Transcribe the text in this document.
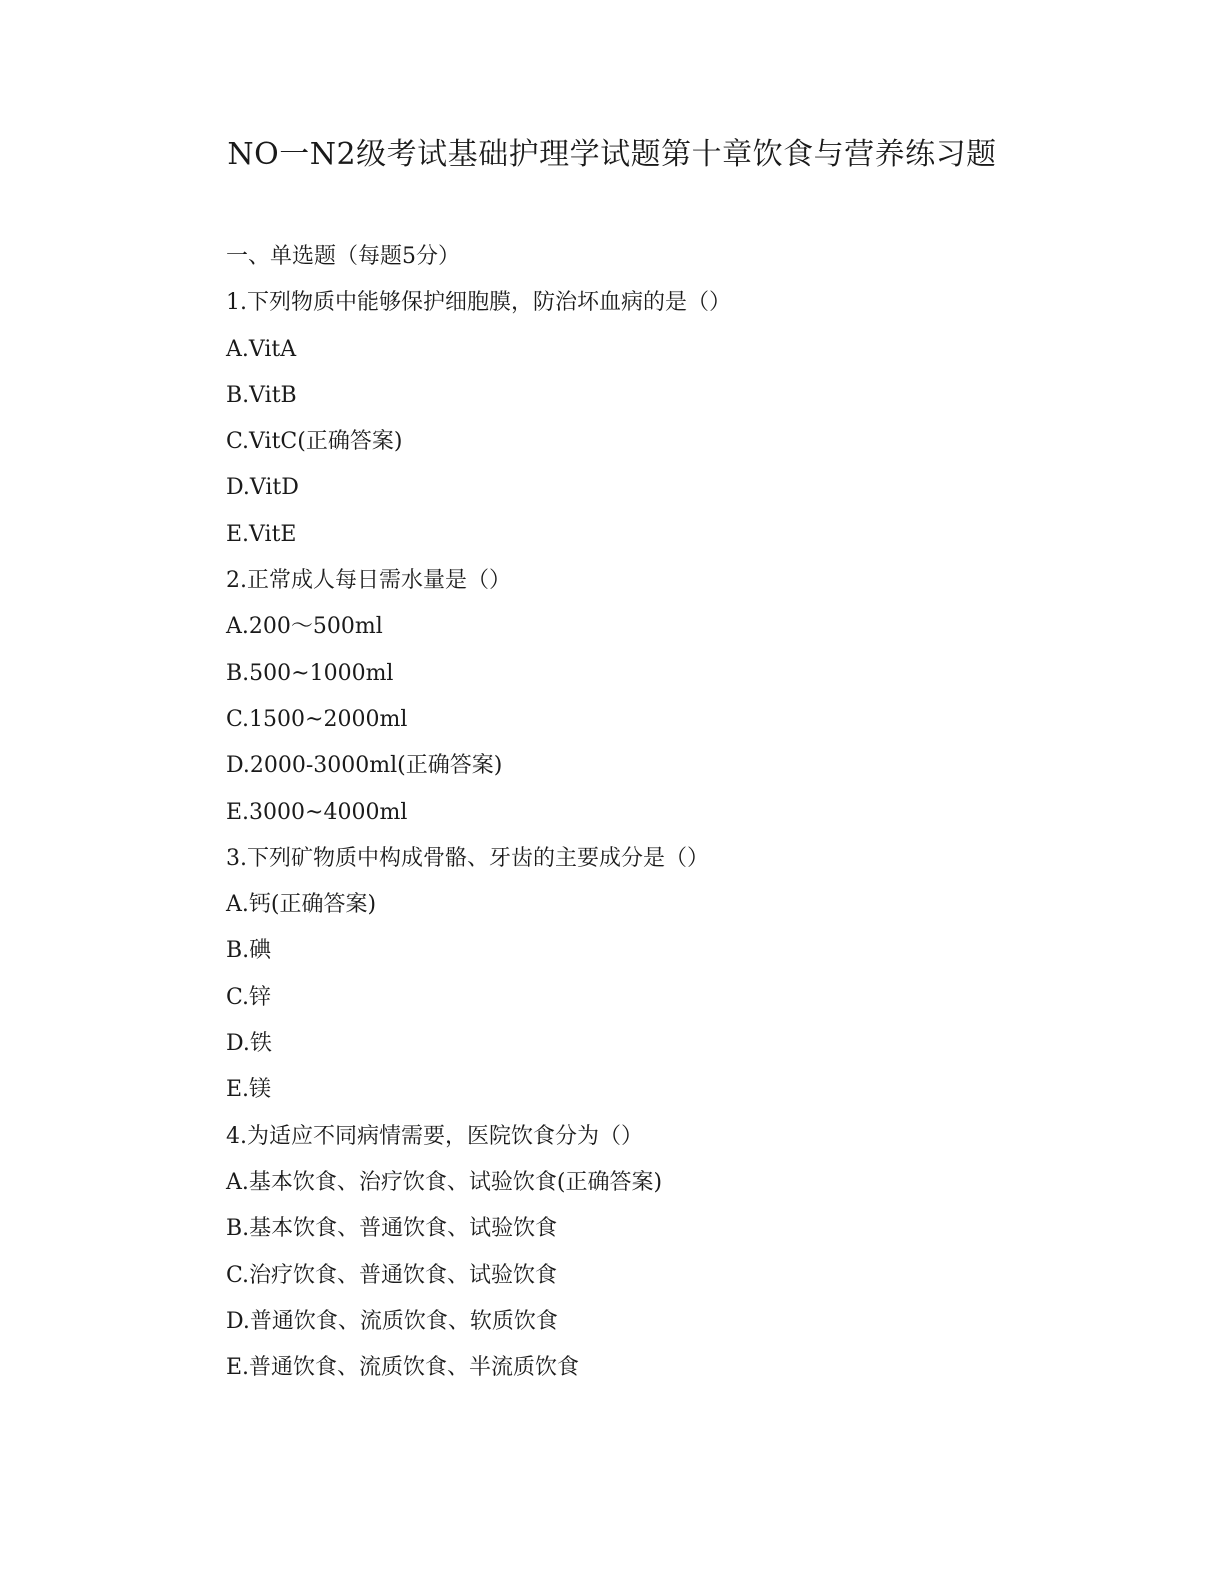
NO一N2级考试基础护理学试题第十章饮食与营养练习题

一、单选题（每题5分）

1.下列物质中能够保护细胞膜，防治坏血病的是（）

A.VitA

B.VitB

C.VitC(正确答案)

D.VitD

E.VitE

2.正常成人每日需水量是（）

A.200～500ml

B.500~1000ml

C.1500~2000ml

D.2000-3000ml(正确答案)

E.3000~4000ml

3.下列矿物质中构成骨骼、牙齿的主要成分是（）

A.钙(正确答案)

B.碘

C.锌

D.铁

E.镁

4.为适应不同病情需要，医院饮食分为（）

A.基本饮食、治疗饮食、试验饮食(正确答案)

B.基本饮食、普通饮食、试验饮食

C.治疗饮食、普通饮食、试验饮食

D.普通饮食、流质饮食、软质饮食

E.普通饮食、流质饮食、半流质饮食
